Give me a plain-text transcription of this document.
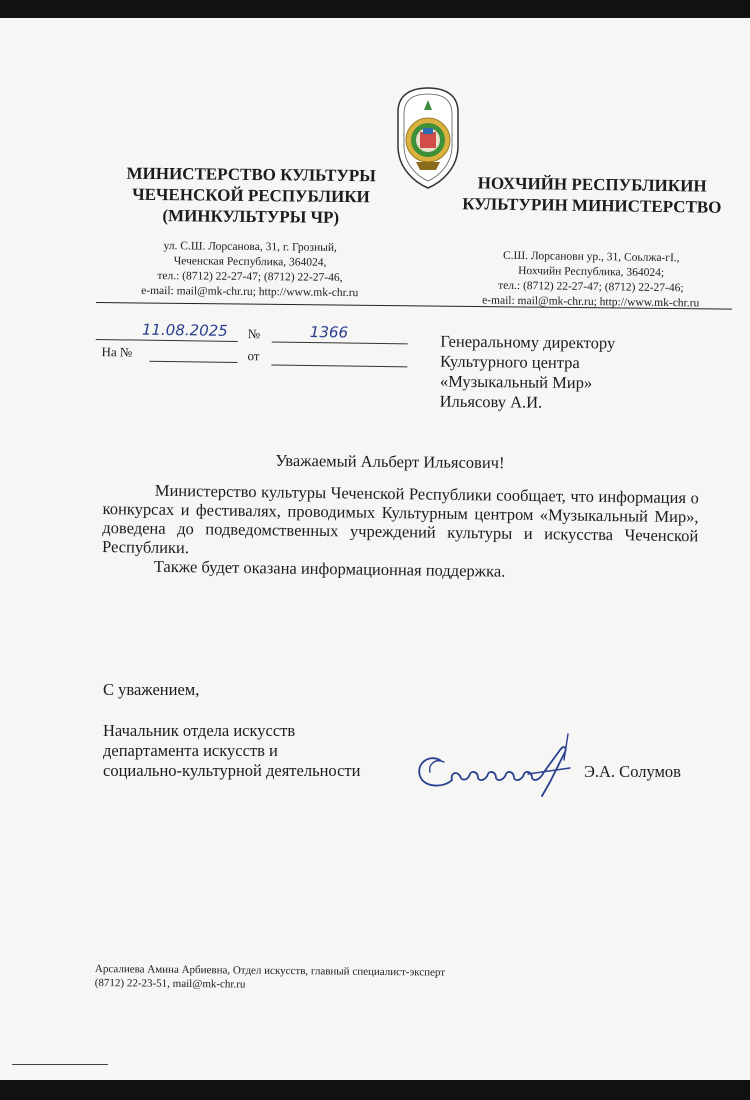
МИНИСТЕРСТВО КУЛЬТУРЫ
ЧЕЧЕНСКОЙ РЕСПУБЛИКИ
(МИНКУЛЬТУРЫ ЧР)
НОХЧИЙН РЕСПУБЛИКИН
КУЛЬТУРИН МИНИСТЕРСТВО
ул. С.Ш. Лорсанова, 31, г. Грозный,
Чеченская Республика, 364024,
тел.: (8712) 22-27-47; (8712) 22-27-46,
e-mail: mail@mk-chr.ru; http://www.mk-chr.ru
С.Ш. Лорсановн ур., 31, Соьлжа-гI.,
Нохчийн Республика, 364024;
тел.: (8712) 22-27-47; (8712) 22-27-46;
e-mail: mail@mk-chr.ru; http://www.mk-chr.ru
11.08.2025 №	1366
На №	от
Генеральному директору
Культурного центра
«Музыкальный Мир»
Ильясову А.И.
Уважаемый Альберт Ильясович!

Министерство культуры Чеченской Республики сообщает, что информация о конкурсах и фестивалях, проводимых Культурным центром «Музыкальный Мир», доведена до подведомственных учреждений культуры и искусства Чеченской Республики.

Также будет оказана информационная поддержка.

С уважением,
Начальник отдела искусств
департамента искусств и
социально-культурной деятельности	Э.А. Солумов
Арсалиева Амина Арбиевна, Отдел искусств, главный специалист-эксперт
(8712) 22-23-51, mail@mk-chr.ru
